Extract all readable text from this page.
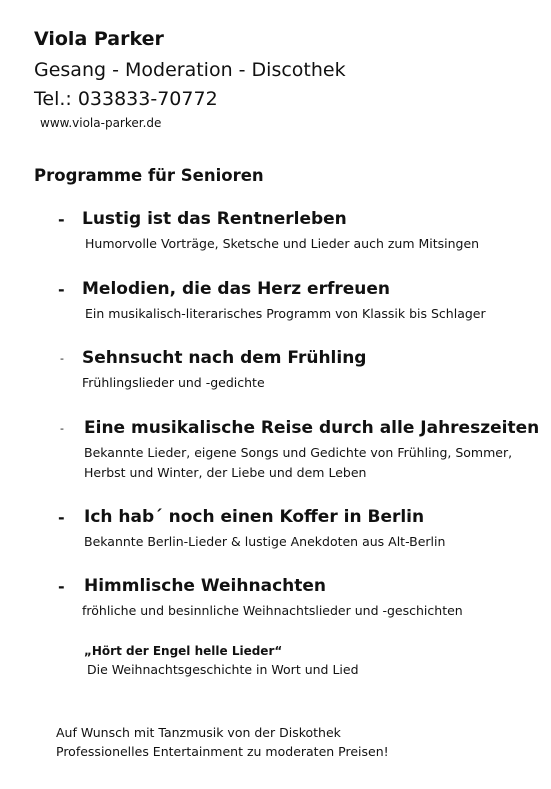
Viola Parker
Gesang - Moderation - Discothek
Tel.: 033833-70772
www.viola-parker.de
Programme für Senioren
- Lustig ist das Rentnerleben
Humorvolle Vorträge, Sketsche und Lieder auch zum Mitsingen
- Melodien, die das Herz erfreuen
Ein musikalisch-literarisches Programm von Klassik bis Schlager
- Sehnsucht nach dem Frühling
Frühlingslieder und -gedichte
- Eine musikalische Reise durch alle Jahreszeiten
Bekannte Lieder, eigene Songs und Gedichte von Frühling, Sommer,
Herbst und Winter, der Liebe und dem Leben
- Ich hab´ noch einen Koffer in Berlin
Bekannte Berlin-Lieder & lustige Anekdoten aus Alt-Berlin
- Himmlische Weihnachten
fröhliche und besinnliche Weihnachtslieder und -geschichten
„Hört der Engel helle Lieder“
Die Weihnachtsgeschichte in Wort und Lied
Auf Wunsch mit Tanzmusik von der Diskothek
Professionelles Entertainment zu moderaten Preisen!
